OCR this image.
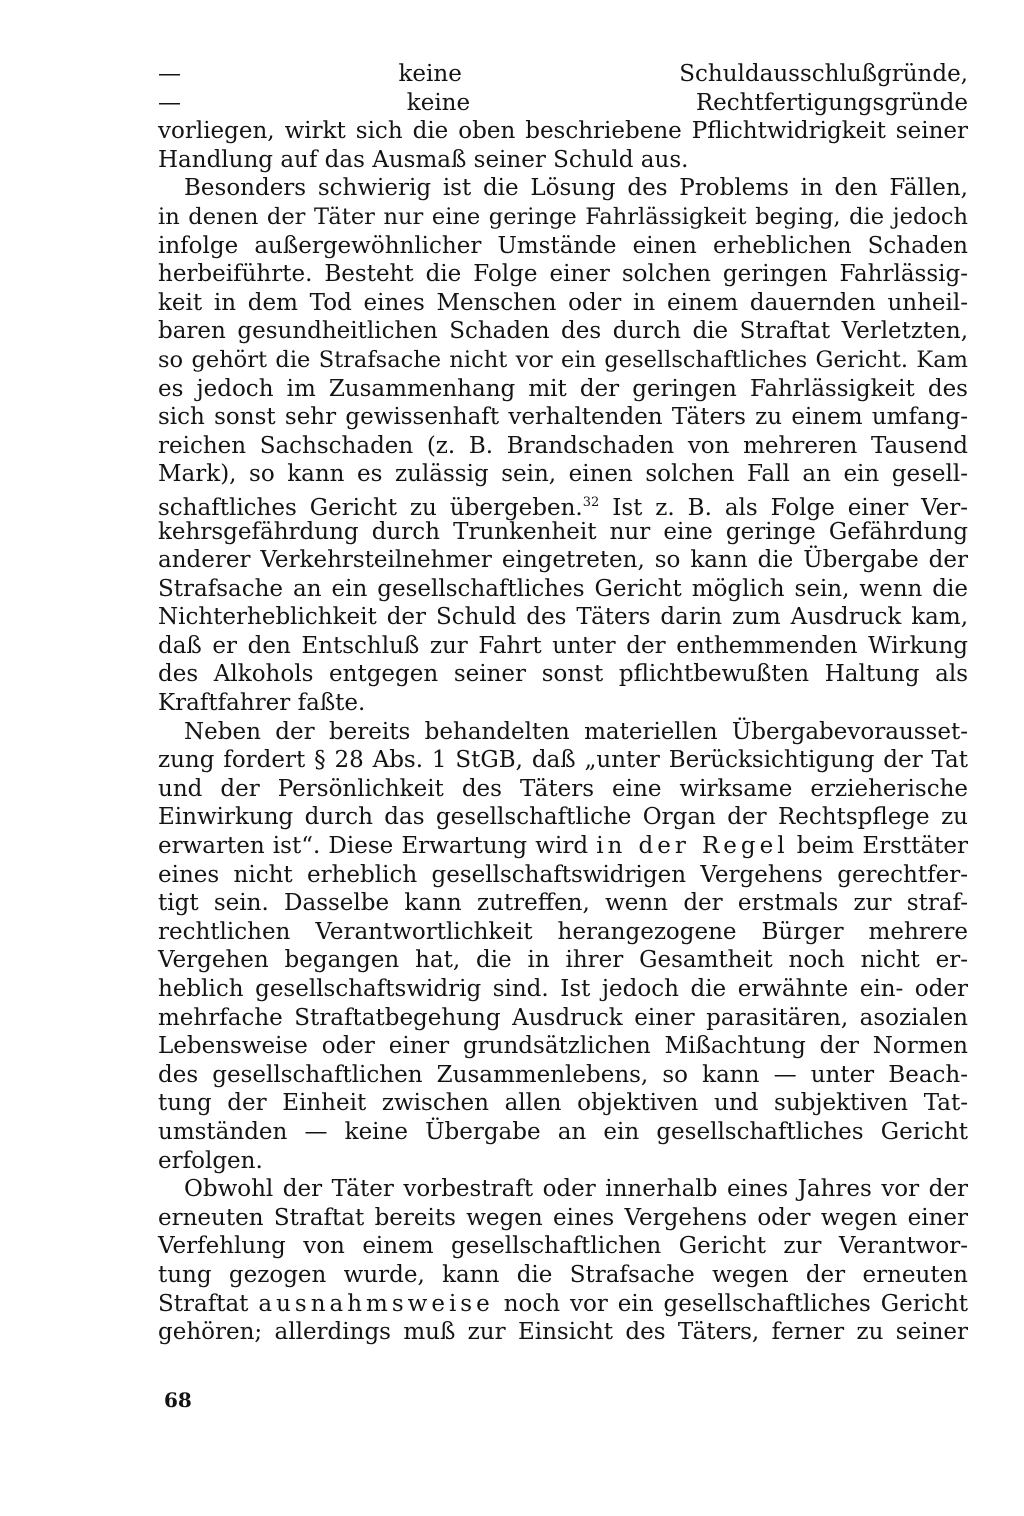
— keine Schuldausschlußgründe,
— keine Rechtfertigungsgründe
vorliegen, wirkt sich die oben beschriebene Pflichtwidrigkeit seiner
Handlung auf das Ausmaß seiner Schuld aus.
Besonders schwierig ist die Lösung des Problems in den Fällen,
in denen der Täter nur eine geringe Fahrlässigkeit beging, die jedoch
infolge außergewöhnlicher Umstände einen erheblichen Schaden
herbeiführte. Besteht die Folge einer solchen geringen Fahrlässig-
keit in dem Tod eines Menschen oder in einem dauernden unheil-
baren gesundheitlichen Schaden des durch die Straftat Verletzten,
so gehört die Strafsache nicht vor ein gesellschaftliches Gericht. Kam
es jedoch im Zusammenhang mit der geringen Fahrlässigkeit des
sich sonst sehr gewissenhaft verhaltenden Täters zu einem umfang-
reichen Sachschaden (z. B. Brandschaden von mehreren Tausend
Mark), so kann es zulässig sein, einen solchen Fall an ein gesell-
schaftliches Gericht zu übergeben.$^{32}$ Ist z. B. als Folge einer Ver-
kehrsgefährdung durch Trunkenheit nur eine geringe Gefährdung
anderer Verkehrsteilnehmer eingetreten, so kann die Übergabe der
Strafsache an ein gesellschaftliches Gericht möglich sein, wenn die
Nichterheblichkeit der Schuld des Täters darin zum Ausdruck kam,
daß er den Entschluß zur Fahrt unter der enthemmenden Wirkung
des Alkohols entgegen seiner sonst pflichtbewußten Haltung als
Kraftfahrer faßte.
Neben der bereits behandelten materiellen Übergabevorausset-
zung fordert § 28 Abs. 1 StGB, daß „unter Berücksichtigung der Tat
und der Persönlichkeit des Täters eine wirksame erzieherische
Einwirkung durch das gesellschaftliche Organ der Rechtspflege zu
erwarten ist“. Diese Erwartung wird in der Regel beim Ersttäter
eines nicht erheblich gesellschaftswidrigen Vergehens gerechtfer-
tigt sein. Dasselbe kann zutreffen, wenn der erstmals zur straf-
rechtlichen Verantwortlichkeit herangezogene Bürger mehrere
Vergehen begangen hat, die in ihrer Gesamtheit noch nicht er-
heblich gesellschaftswidrig sind. Ist jedoch die erwähnte ein- oder
mehrfache Straftatbegehung Ausdruck einer parasitären, asozialen
Lebensweise oder einer grundsätzlichen Mißachtung der Normen
des gesellschaftlichen Zusammenlebens, so kann — unter Beach-
tung der Einheit zwischen allen objektiven und subjektiven Tat-
umständen — keine Übergabe an ein gesellschaftliches Gericht
erfolgen.
Obwohl der Täter vorbestraft oder innerhalb eines Jahres vor der
erneuten Straftat bereits wegen eines Vergehens oder wegen einer
Verfehlung von einem gesellschaftlichen Gericht zur Verantwor-
tung gezogen wurde, kann die Strafsache wegen der erneuten
Straftat ausnahmsweise noch vor ein gesellschaftliches Gericht
gehören; allerdings muß zur Einsicht des Täters, ferner zu seiner
68
